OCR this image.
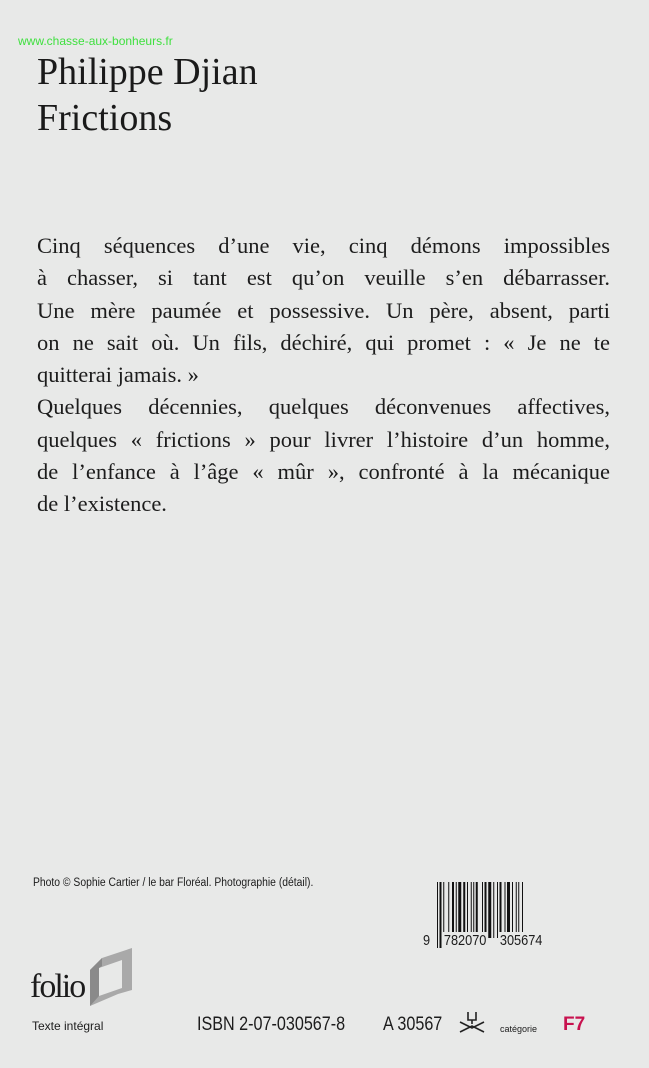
www.chasse-aux-bonheurs.fr
Philippe Djian
Frictions
Cinq séquences d’une vie, cinq démons impossibles
à chasser, si tant est qu’on veuille s’en débarrasser.
Une mère paumée et possessive. Un père, absent, parti
on ne sait où. Un fils, déchiré, qui promet : « Je ne te
quitterai jamais. »
Quelques décennies, quelques déconvenues affectives,
quelques « frictions » pour livrer l’histoire d’un homme,
de l’enfance à l’âge « mûr », confronté à la mécanique
de l’existence.
Photo © Sophie Cartier / le bar Floréal. Photographie (détail).
9 782070 305674
folio
Texte intégral	ISBN 2-07-030567-8 A 30567	catégorie F7
